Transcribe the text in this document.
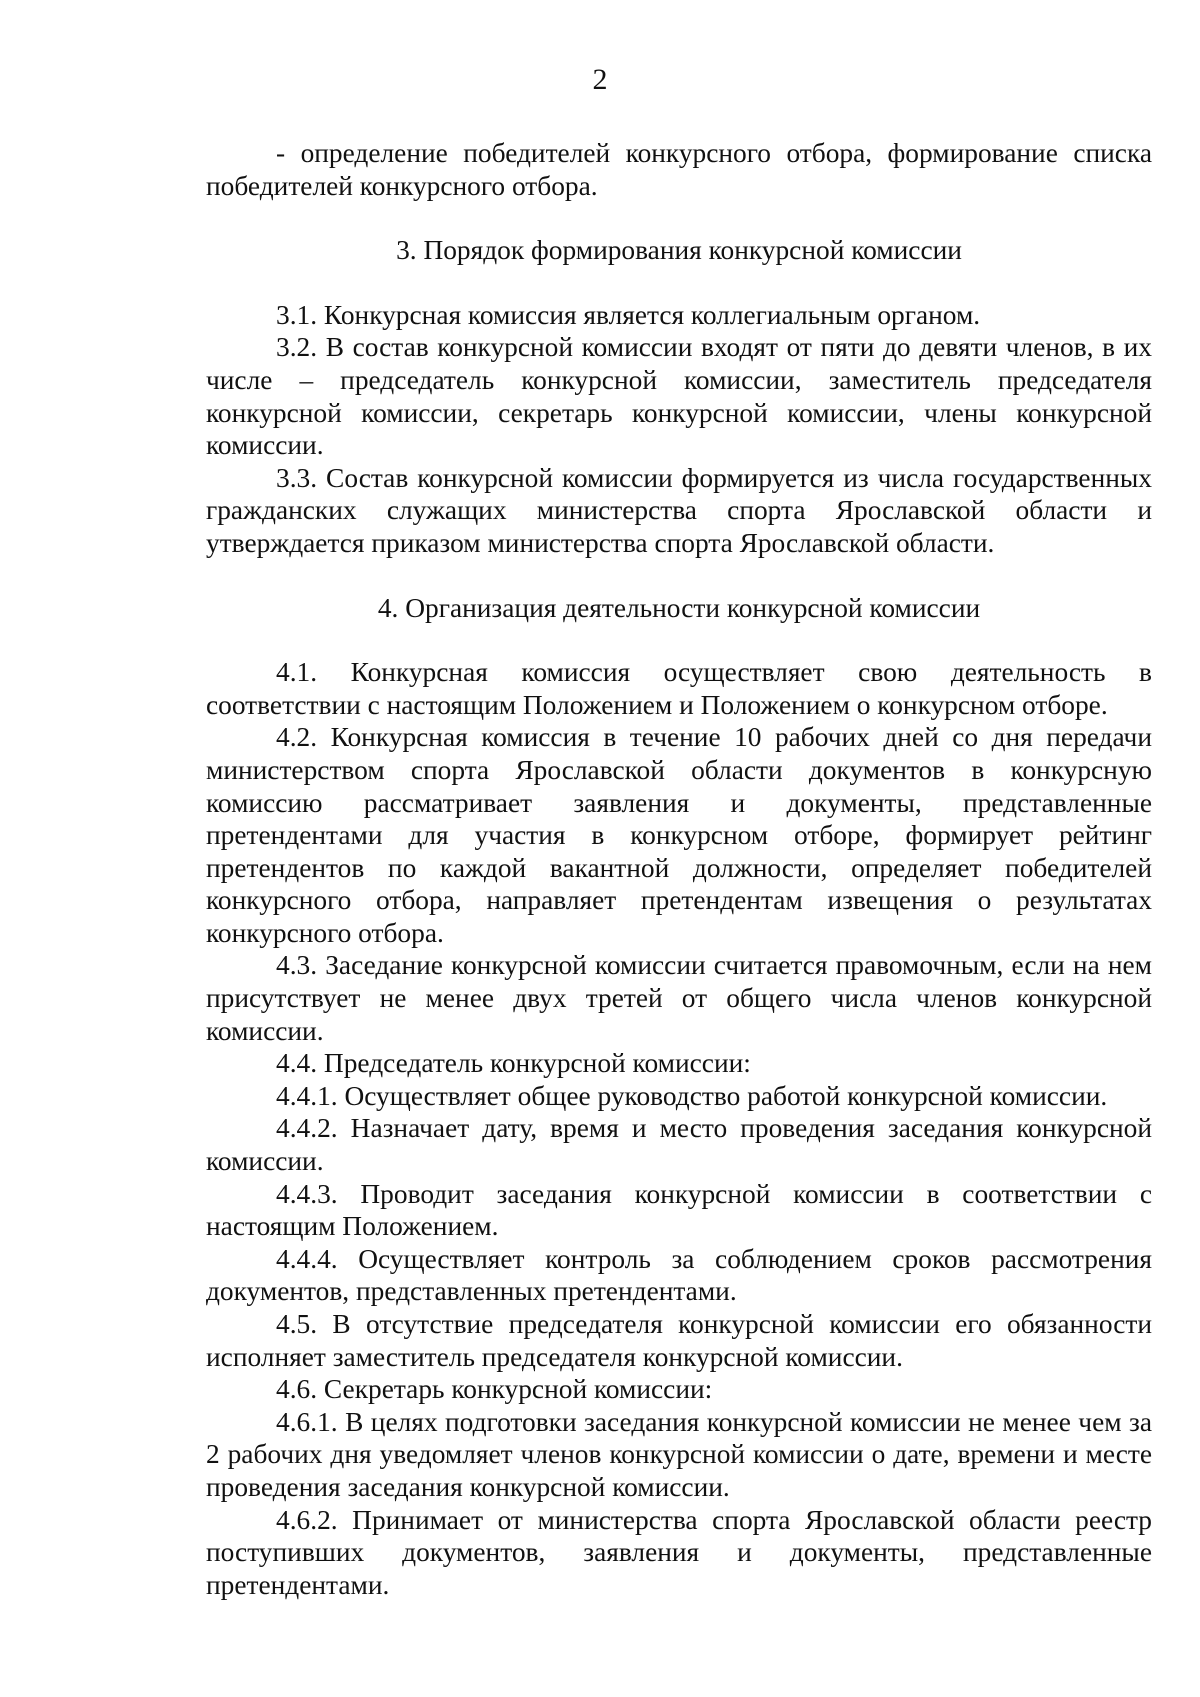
2

- определение победителей конкурсного отбора, формирование списка победителей конкурсного отбора.

3. Порядок формирования конкурсной комиссии

3.1. Конкурсная комиссия является коллегиальным органом.

3.2. В состав конкурсной комиссии входят от пяти до девяти членов, в их числе – председатель конкурсной комиссии, заместитель председателя конкурсной комиссии, секретарь конкурсной комиссии, члены конкурсной комиссии.

3.3. Состав конкурсной комиссии формируется из числа государственных гражданских служащих министерства спорта Ярославской области и утверждается приказом министерства спорта Ярославской области.

4. Организация деятельности конкурсной комиссии

4.1. Конкурсная комиссия осуществляет свою деятельность в соответствии с настоящим Положением и Положением о конкурсном отборе.

4.2. Конкурсная комиссия в течение 10 рабочих дней со дня передачи министерством спорта Ярославской области документов в конкурсную комиссию рассматривает заявления и документы, представленные претендентами для участия в конкурсном отборе, формирует рейтинг претендентов по каждой вакантной должности, определяет победителей конкурсного отбора, направляет претендентам извещения о результатах конкурсного отбора.

4.3. Заседание конкурсной комиссии считается правомочным, если на нем присутствует не менее двух третей от общего числа членов конкурсной комиссии.

4.4. Председатель конкурсной комиссии:

4.4.1. Осуществляет общее руководство работой конкурсной комиссии.

4.4.2. Назначает дату, время и место проведения заседания конкурсной комиссии.

4.4.3. Проводит заседания конкурсной комиссии в соответствии с настоящим Положением.

4.4.4. Осуществляет контроль за соблюдением сроков рассмотрения документов, представленных претендентами.

4.5. В отсутствие председателя конкурсной комиссии его обязанности исполняет заместитель председателя конкурсной комиссии.

4.6. Секретарь конкурсной комиссии:

4.6.1. В целях подготовки заседания конкурсной комиссии не менее чем за 2 рабочих дня уведомляет членов конкурсной комиссии о дате, времени и месте проведения заседания конкурсной комиссии.

4.6.2. Принимает от министерства спорта Ярославской области реестр поступивших документов, заявления и документы, представленные претендентами.
